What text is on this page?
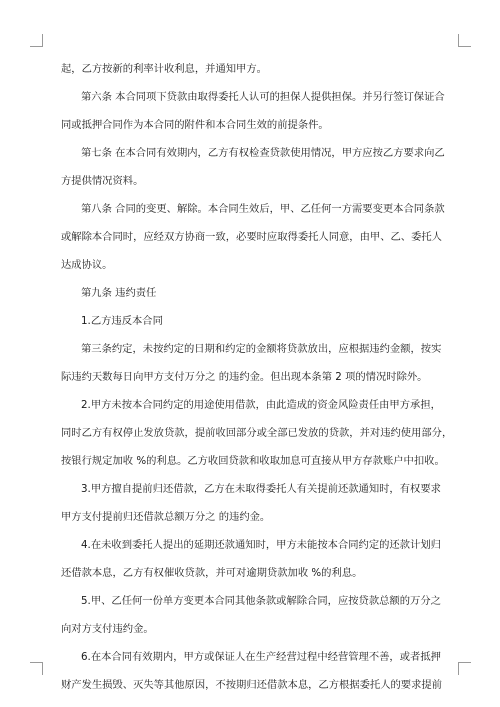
起，乙方按新的利率计收利息，并通知甲方。
第六条 本合同项下贷款由取得委托人认可的担保人提供担保。并另行签订保证合
同或抵押合同作为本合同的附件和本合同生效的前提条件。
第七条 在本合同有效期内，乙方有权检查贷款使用情况，甲方应按乙方要求向乙
方提供情况资料。
第八条 合同的变更、解除。本合同生效后，甲、乙任何一方需要变更本合同条款
或解除本合同时，应经双方协商一致，必要时应取得委托人同意，由甲、乙、委托人
达成协议。
第九条 违约责任
1.乙方违反本合同
第三条约定，未按约定的日期和约定的金额将贷款放出，应根据违约金额，按实
际违约天数每日向甲方支付万分之 的违约金。但出现本条第 2 项的情况时除外。
2.甲方未按本合同约定的用途使用借款，由此造成的资金风险责任由甲方承担，
同时乙方有权停止发放贷款，提前收回部分或全部已发放的贷款，并对违约使用部分，
按银行规定加收 %的利息。乙方收回贷款和收取加息可直接从甲方存款账户中扣收。
3.甲方擅自提前归还借款，乙方在未取得委托人有关提前还款通知时，有权要求
甲方支付提前归还借款总额万分之 的违约金。
4.在未收到委托人提出的延期还款通知时，甲方未能按本合同约定的还款计划归
还借款本息，乙方有权催收贷款，并可对逾期贷款加收 %的利息。
5.甲、乙任何一份单方变更本合同其他条款或解除合同，应按贷款总额的万分之
向对方支付违约金。
6.在本合同有效期内，甲方或保证人在生产经营过程中经营管理不善，或者抵押
财产发生损毁、灭失等其他原因，不按期归还借款本息，乙方根据委托人的要求提前
